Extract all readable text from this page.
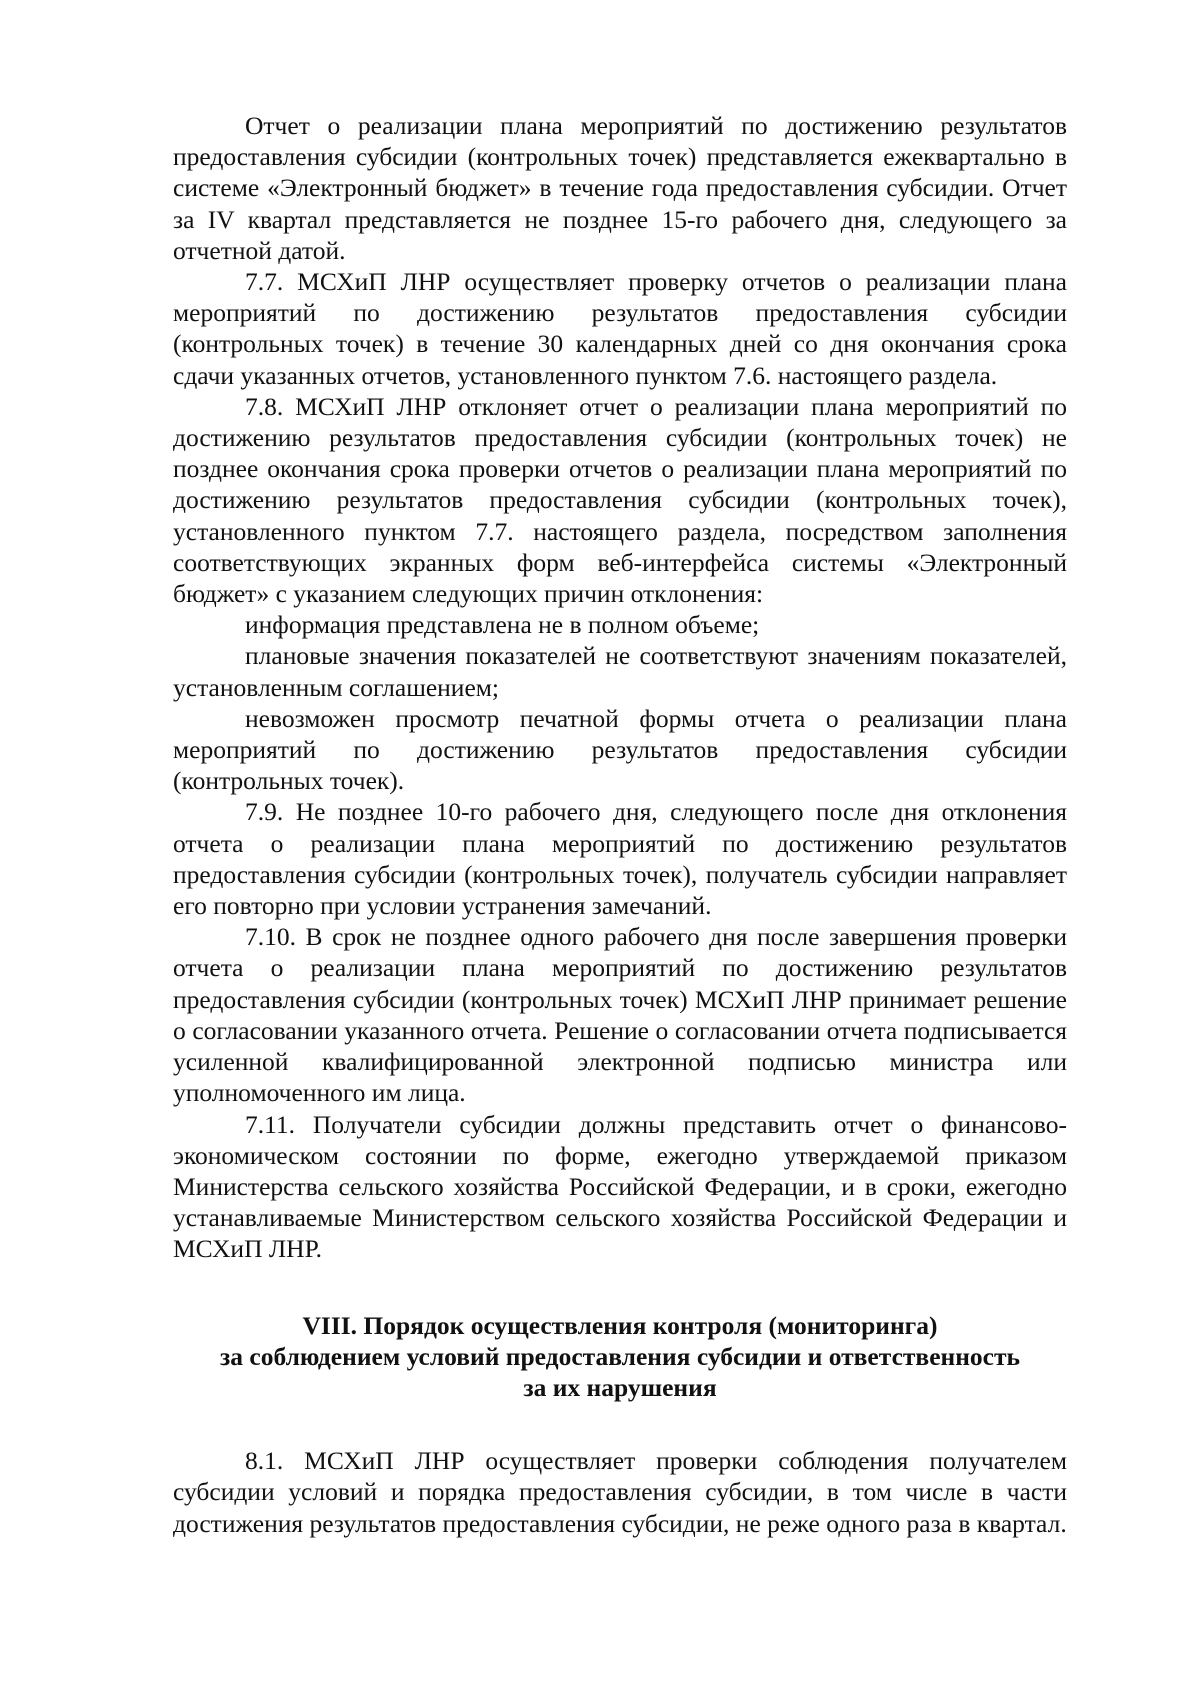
Отчет о реализации плана мероприятий по достижению результатов предоставления субсидии (контрольных точек) представляется ежеквартально в системе «Электронный бюджет» в течение года предоставления субсидии. Отчет за IV квартал представляется не позднее 15-го рабочего дня, следующего за отчетной датой.

7.7. МСХиП ЛНР осуществляет проверку отчетов о реализации плана мероприятий по достижению результатов предоставления субсидии (контрольных точек) в течение 30 календарных дней со дня окончания срока сдачи указанных отчетов, установленного пунктом 7.6. настоящего раздела.

7.8. МСХиП ЛНР отклоняет отчет о реализации плана мероприятий по достижению результатов предоставления субсидии (контрольных точек) не позднее окончания срока проверки отчетов о реализации плана мероприятий по достижению результатов предоставления субсидии (контрольных точек), установленного пунктом 7.7. настоящего раздела, посредством заполнения соответствующих экранных форм веб-интерфейса системы «Электронный бюджет» с указанием следующих причин отклонения:

информация представлена не в полном объеме;

плановые значения показателей не соответствуют значениям показателей, установленным соглашением;

невозможен просмотр печатной формы отчета о реализации плана мероприятий по достижению результатов предоставления субсидии (контрольных точек).

7.9. Не позднее 10-го рабочего дня, следующего после дня отклонения отчета о реализации плана мероприятий по достижению результатов предоставления субсидии (контрольных точек), получатель субсидии направляет его повторно при условии устранения замечаний.

7.10. В срок не позднее одного рабочего дня после завершения проверки отчета о реализации плана мероприятий по достижению результатов предоставления субсидии (контрольных точек) МСХиП ЛНР принимает решение о согласовании указанного отчета. Решение о согласовании отчета подписывается усиленной квалифицированной электронной подписью министра или уполномоченного им лица.

7.11. Получатели субсидии должны представить отчет о финансово-экономическом состоянии по форме, ежегодно утверждаемой приказом Министерства сельского хозяйства Российской Федерации, и в сроки, ежегодно устанавливаемые Министерством сельского хозяйства Российской Федерации и МСХиП ЛНР.

VIII. Порядок осуществления контроля (мониторинга)
за соблюдением условий предоставления субсидии и ответственность
за их нарушения

8.1. МСХиП ЛНР осуществляет проверки соблюдения получателем субсидии условий и порядка предоставления субсидии, в том числе в части достижения результатов предоставления субсидии, не реже одного раза в квартал.
